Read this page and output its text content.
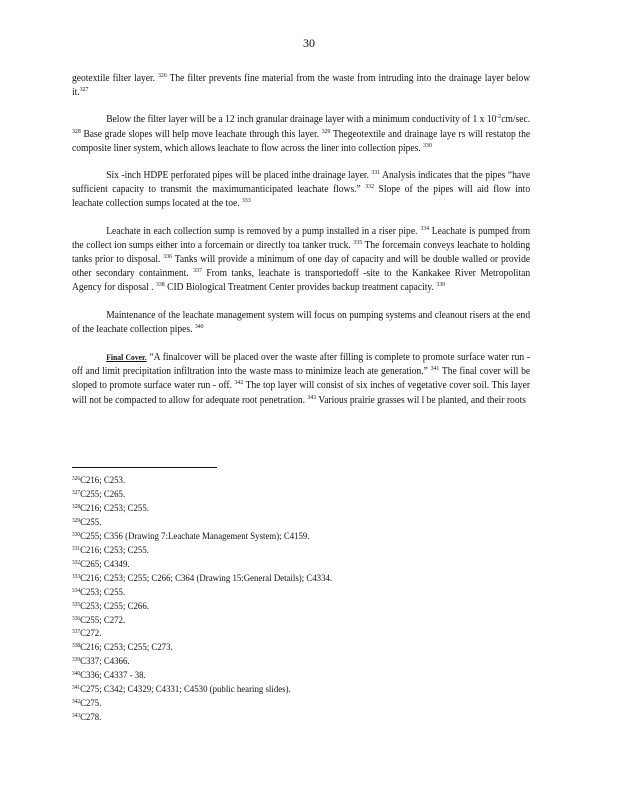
30

geotextile filter layer. $^{326}$ The filter prevents fine material from the waste from intruding into the drainage layer below it.$^{327}$

Below the filter layer will be a 12 inch granular drainage layer with a minimum conductivity of 1 x $10^{-2}cm/\sec$. $^{328}$ Base grade slopes will help move leachate through this layer. $^{329}$ Thegeotextile and drainage laye rs will restatop the composite liner system, which allows leachate to flow across the liner into collection pipes. $^{330}$

Six -inch HDPE perforated pipes will be placed inthe drainage layer. $^{331}$ Analysis indicates that the pipes “have sufficient capacity to transmit the maximumanticipated leachate flows.” $^{332}$ Slope of the pipes will aid flow into leachate collection sumps located at the toe. $^{333}$

Leachate in each collection sump is removed by a pump installed in a riser pipe. $^{334}$ Leachate is pumped from the collect ion sumps either into a forcemain or directly toa tanker truck. $^{335}$ The forcemain conveys leachate to holding tanks prior to disposal. $^{336}$ Tanks will provide a minimum of one day of capacity and will be double walled or provide other secondary containment. $^{337}$ From tanks, leachate is transportedoff -site to the Kankakee River Metropolitan Agency for disposal . $^{338}$ CID Biological Treatment Center provides backup treatment capacity. $^{339}$

Maintenance of the leachate management system will focus on pumping systems and cleanout risers at the end of the leachate collection pipes. $^{340}$

Final Cover. “A finalcover will be placed over the waste after filling is complete to promote surface water run - off and limit precipitation infiltration into the waste mass to minimize leach ate generation.” $^{341}$ The final cover will be sloped to promote surface water run - off. $^{342}$ The top layer will consist of six inches of vegetative cover soil. This layer will not be compacted to allow for adequate root penetration. $^{343}$ Various prairie grasses wil l be planted, and their roots

$^{326}$C216; C253.
$^{327}$C255; C265.
$^{328}$C216; C253; C255.
$^{329}$C255.
$^{330}$C255; C356 (Drawing 7:Leachate Management System); C4159.
$^{331}$C216; C253; C255.
$^{332}$C265; C4349.
$^{333}$C216; C253; C255; C266; C364 (Drawing 15:General Details); C4334.
$^{334}$C253; C255.
$^{335}$C253; C255; C266.
$^{336}$C255; C272.
$^{337}$C272.
$^{338}$C216; C253; C255; C273.
$^{339}$C337; C4366.
$^{340}$C336; C4337 - 38.
$^{341}$C275; C342; C4329; C4331; C4530 (public hearing slides).
$^{342}$C275.
$^{343}$C278.
